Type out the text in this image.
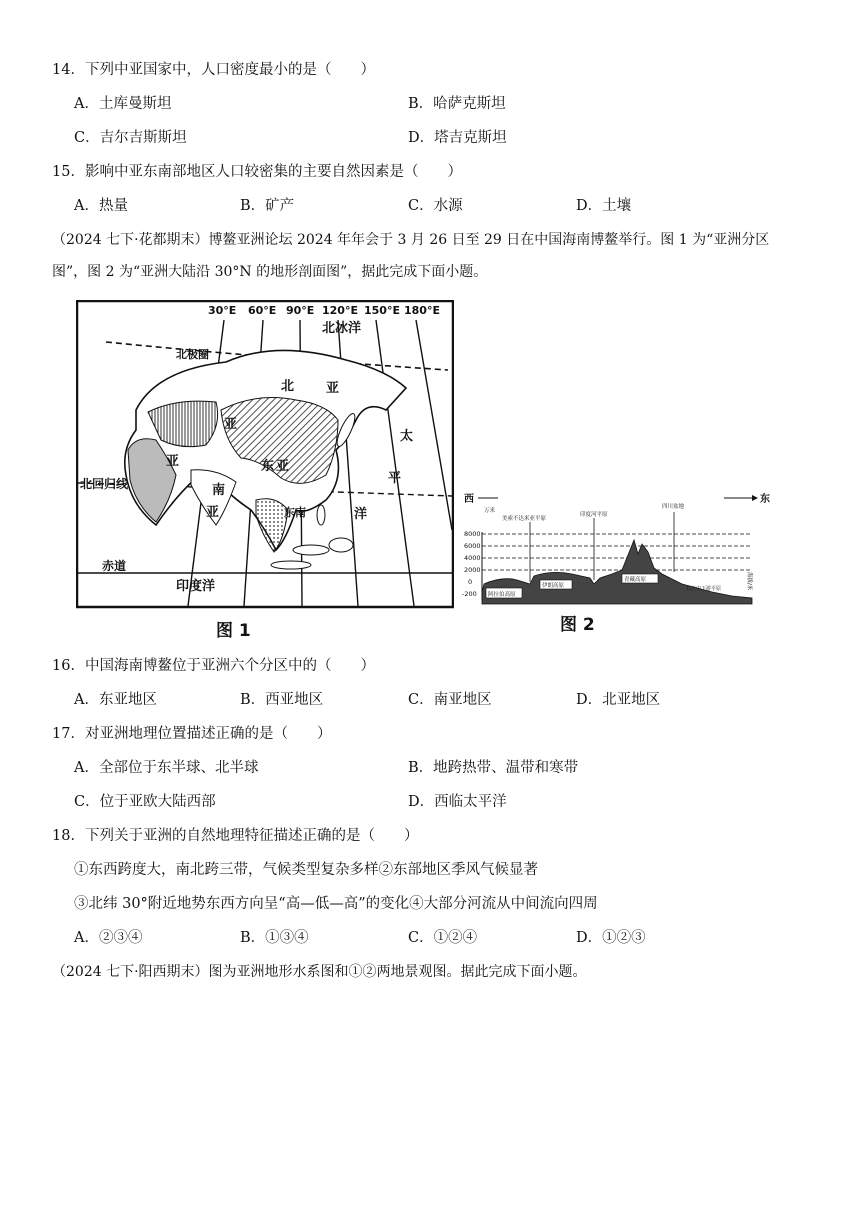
14．下列中亚国家中，人口密度最小的是（　　）
A．土库曼斯坦	B．哈萨克斯坦
C．吉尔吉斯斯坦	D．塔吉克斯坦
15．影响中亚东南部地区人口较密集的主要自然因素是（　　）
A．热量	B．矿产	C．水源	D．土壤
（2024 七下·花都期末）博鳌亚洲论坛 2024 年年会于 3 月 26 日至 29 日在中国海南博鳌举行。图 1 为“亚洲分区
图”，图 2 为“亚洲大陆沿 30°N 的地形剖面图”，据此完成下面小题。
30°E 60°E 90°E 120°E 150°E 180°E
北冰洋
北极圈
北 亚
亚
亚	东 亚
南
亚	东南
太
平
洋
北回归线
赤道
印度洋
图 1
西	东
8000
6000
4000
2000
0
-200
万米
美索不达米亚平原
印度河平原
四川盆地
阿拉伯高原
伊朗高原
青藏高原
长江中下游平原	海拔/米
图 2
16．中国海南博鳌位于亚洲六个分区中的（　　）
A．东亚地区	B．西亚地区	C．南亚地区	D．北亚地区
17．对亚洲地理位置描述正确的是（　　）
A．全部位于东半球、北半球	B．地跨热带、温带和寒带
C．位于亚欧大陆西部	D．西临太平洋
18．下列关于亚洲的自然地理特征描述正确的是（　　）
①东西跨度大，南北跨三带，气候类型复杂多样②东部地区季风气候显著
③北纬 30°附近地势东西方向呈“高—低—高”的变化④大部分河流从中间流向四周
A．②③④	B．①③④	C．①②④	D．①②③
（2024 七下·阳西期末）图为亚洲地形水系图和①②两地景观图。据此完成下面小题。
